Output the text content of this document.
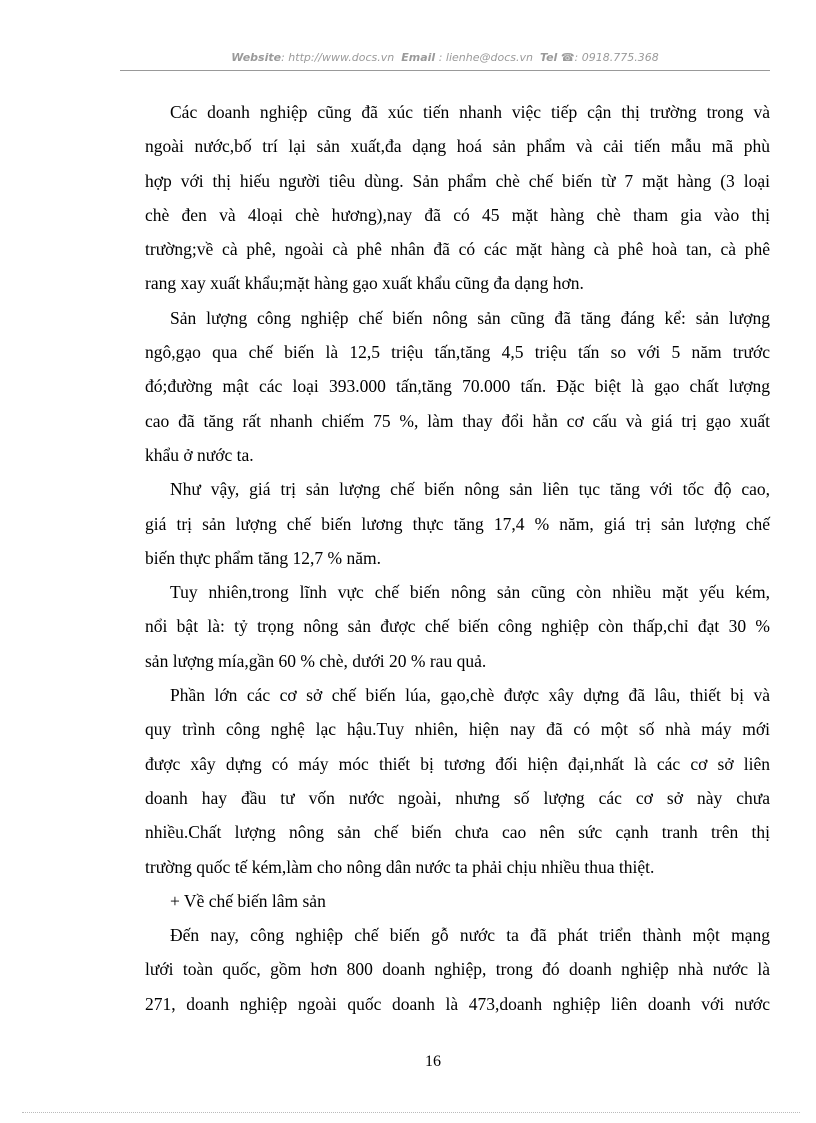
Website: http://www.docs.vn Email : lienhe@docs.vn Tel ☎: 0918.775.368
Các doanh nghiệp cũng đã xúc tiến nhanh việc tiếp cận thị trường trong và
ngoài nước,bố trí lại sản xuất,đa dạng hoá sản phẩm và cải tiến mẫu mã phù
hợp với thị hiếu người tiêu dùng. Sản phẩm chè chế biến từ 7 mặt hàng (3 loại
chè đen và 4loại chè hương),nay đã có 45 mặt hàng chè tham gia vào thị
trường;về cà phê, ngoài cà phê nhân đã có các mặt hàng cà phê hoà tan, cà phê
rang xay xuất khẩu;mặt hàng gạo xuất khẩu cũng đa dạng hơn.
Sản lượng công nghiệp chế biến nông sản cũng đã tăng đáng kể: sản lượng
ngô,gạo qua chế biến là 12,5 triệu tấn,tăng 4,5 triệu tấn so với 5 năm trước
đó;đường mật các loại 393.000 tấn,tăng 70.000 tấn. Đặc biệt là gạo chất lượng
cao đã tăng rất nhanh chiếm 75 %, làm thay đổi hẳn cơ cấu và giá trị gạo xuất
khẩu ở nước ta.
Như vậy, giá trị sản lượng chế biến nông sản liên tục tăng với tốc độ cao,
giá trị sản lượng chế biến lương thực tăng 17,4 % năm, giá trị sản lượng chế
biến thực phẩm tăng 12,7 % năm.
Tuy nhiên,trong lĩnh vực chế biến nông sản cũng còn nhiều mặt yếu kém,
nổi bật là: tỷ trọng nông sản được chế biến công nghiệp còn thấp,chỉ đạt 30 %
sản lượng mía,gần 60 % chè, dưới 20 % rau quả.
Phần lớn các cơ sở chế biến lúa, gạo,chè được xây dựng đã lâu, thiết bị và
quy trình công nghệ lạc hậu.Tuy nhiên, hiện nay đã có một số nhà máy mới
được xây dựng có máy móc thiết bị tương đối hiện đại,nhất là các cơ sở liên
doanh hay đầu tư vốn nước ngoài, nhưng số lượng các cơ sở này chưa
nhiều.Chất lượng nông sản chế biến chưa cao nên sức cạnh tranh trên thị
trường quốc tế kém,làm cho nông dân nước ta phải chịu nhiều thua thiệt.
+ Về chế biến lâm sản
Đến nay, công nghiệp chế biến gỗ nước ta đã phát triển thành một mạng
lưới toàn quốc, gồm hơn 800 doanh nghiệp, trong đó doanh nghiệp nhà nước là
271, doanh nghiệp ngoài quốc doanh là 473,doanh nghiệp liên doanh với nước
16
